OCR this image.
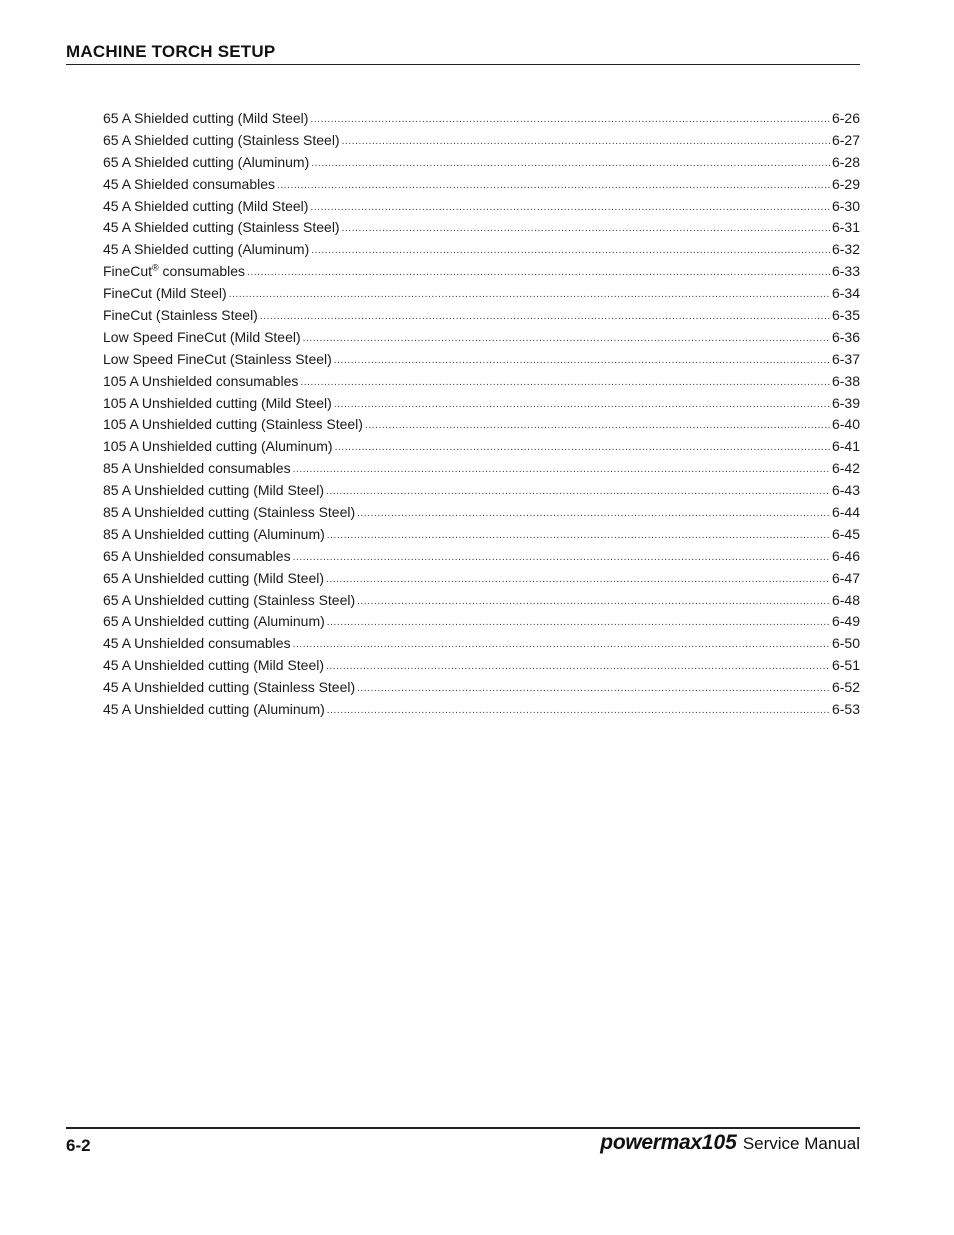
MACHINE TORCH SETUP
65 A Shielded cutting (Mild Steel) .....	6-26
65 A Shielded cutting (Stainless Steel) .....	6-27
65 A Shielded cutting (Aluminum) .....	6-28
45 A Shielded consumables .....	6-29
45 A Shielded cutting (Mild Steel) .....	6-30
45 A Shielded cutting (Stainless Steel) .....	6-31
45 A Shielded cutting (Aluminum) .....	6-32
FineCut® consumables .....	6-33
FineCut (Mild Steel) .....	6-34
FineCut (Stainless Steel) .....	6-35
Low Speed FineCut (Mild Steel) .....	6-36
Low Speed FineCut (Stainless Steel) .....	6-37
105 A Unshielded consumables .....	6-38
105 A Unshielded cutting (Mild Steel) .....	6-39
105 A Unshielded cutting (Stainless Steel) .....	6-40
105 A Unshielded cutting (Aluminum) .....	6-41
85 A Unshielded consumables .....	6-42
85 A Unshielded cutting (Mild Steel) .....	6-43
85 A Unshielded cutting (Stainless Steel) .....	6-44
85 A Unshielded cutting (Aluminum) .....	6-45
65 A Unshielded consumables .....	6-46
65 A Unshielded cutting (Mild Steel) .....	6-47
65 A Unshielded cutting (Stainless Steel) .....	6-48
65 A Unshielded cutting (Aluminum) .....	6-49
45 A Unshielded consumables .....	6-50
45 A Unshielded cutting (Mild Steel) .....	6-51
45 A Unshielded cutting (Stainless Steel) .....	6-52
45 A Unshielded cutting (Aluminum) .....	6-53
6-2	powermax 105 Service Manual
